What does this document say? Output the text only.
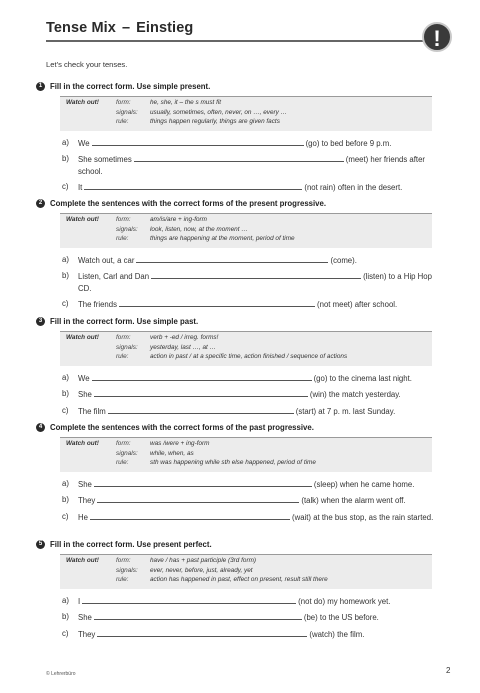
Tense Mix – Einstieg	!
Let’s check your tenses.
1	Fill in the correct form. Use simple present.
Watch out!	form:	he, she, it – the s must fit
signals: usually, sometimes, often, never, on …, every …
rule:	things happen regularly, things are given facts
a) We	(go) to bed before 9 p.m.
b) She sometimes	(meet) her friends after school.
c) It	(not rain) often in the desert.
2	Complete the sentences with the correct forms of the present progressive.
Watch out!	form:	am/is/are + ing-form
signals: look, listen, now, at the moment …
rule:	things are happening at the moment, period of time
a) Watch out, a car	(come).
b) Listen, Carl and Dan	(listen) to a Hip Hop CD.
c) The friends	(not meet) after school.
3	Fill in the correct form. Use simple past.
Watch out!	form:	verb + -ed / irreg. forms!
signals: yesterday, last …, at …
rule:	action in past / at a specific time, action finished / sequence of actions
a) We	(go) to the cinema last night.
b) She	(win) the match yesterday.
c) The film	(start) at 7 p. m. last Sunday.
4	Complete the sentences with the correct forms of the past progressive.
Watch out!	form:	was /were + ing-form
signals: while, when, as
rule:	sth was happening while sth else happened, period of time
a) She	(sleep) when he came home.
b) They	(talk) when the alarm went off.
c) He	(wait) at the bus stop, as the rain started.
5	Fill in the correct form. Use present perfect.
Watch out!	form:	have / has + past participle (3rd form)
signals: ever, never, before, just, already, yet
rule:	action has happened in past, effect on present, result still there
a) I	(not do) my homework yet.
b) She	(be) to the US before.
c) They	(watch) the film.
© Lehrerbüro	2
